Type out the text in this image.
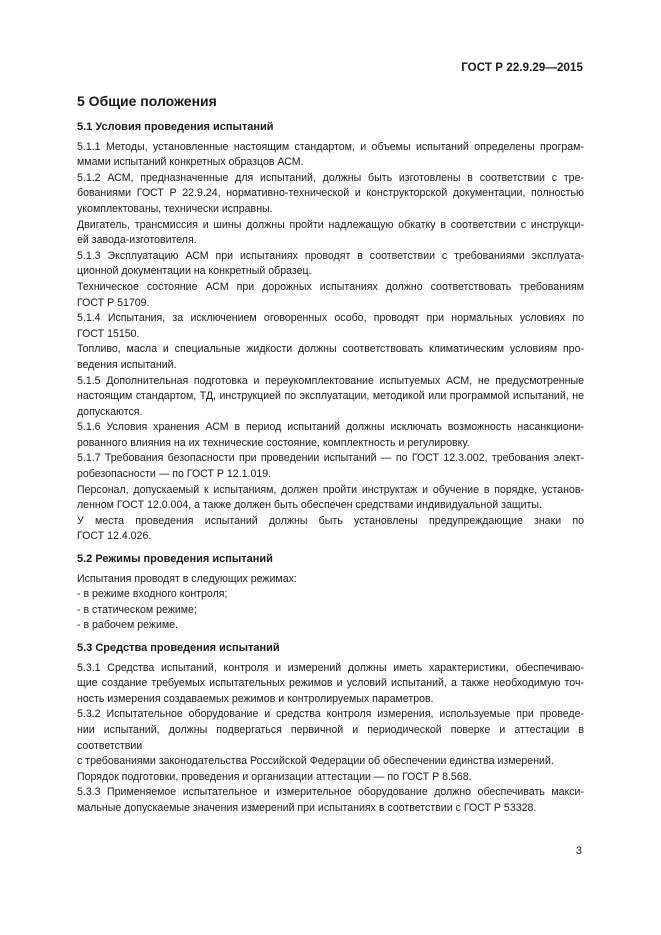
ГОСТ Р 22.9.29—2015
5 Общие положения
5.1 Условия проведения испытаний
5.1.1 Методы, установленные настоящим стандартом, и объемы испытаний определены програм-
ммами испытаний конкретных образцов АСМ.
5.1.2 АСМ, предназначенные для испытаний, должны быть изготовлены в соответствии с тре-
бованиями ГОСТ Р 22.9.24, нормативно-технической и конструкторской документации, полностью
укомплектованы, технически исправны.
Двигатель, трансмиссия и шины должны пройти надлежащую обкатку в соответствии с инструкци-
ей завода-изготовителя.
5.1.3 Эксплуатацию АСМ при испытаниях проводят в соответствии с требованиями эксплуата-
ционной документации на конкретный образец.
Техническое состояние АСМ при дорожных испытаниях должно соответствовать требованиям
ГОСТ Р 51709.
5.1.4 Испытания, за исключением оговоренных особо, проводят при нормальных условиях по
ГОСТ 15150.
Топливо, масла и специальные жидкости должны соответствовать климатическим условиям про-
ведения испытаний.
5.1.5 Дополнительная подготовка и переукомплектование испытуемых АСМ, не предусмотренные
настоящим стандартом, ТД, инструкцией по эксплуатации, методикой или программой испытаний, не
допускаются.
5.1.6 Условия хранения АСМ в период испытаний должны исключать возможность насанкциони-
рованного влияния на их технические состояние, комплектность и регулировку.
5.1.7 Требования безопасности при проведении испытаний — по ГОСТ 12.3.002, требования элект-
робезопасности — по ГОСТ Р 12.1.019.
Персонал, допускаемый к испытаниям, должен пройти инструктаж и обучение в порядке, установ-
ленном ГОСТ 12.0.004, а также должен быть обеспечен средствами индивидуальной защиты.
У места проведения испытаний должны быть установлены предупреждающие знаки по
ГОСТ 12.4.026.
5.2 Режимы проведения испытаний
Испытания проводят в следующих режимах:
- в режиме входного контроля;
- в статическом режиме;
- в рабочем режиме.
5.3 Средства проведения испытаний
5.3.1 Средства испытаний, контроля и измерений должны иметь характеристики, обеспечиваю-
щие создание требуемых испытательных режимов и условий испытаний, а также необходимую точ-
ность измерения создаваемых режимов и контролируемых параметров.
5.3.2 Испытательное оборудование и средства контроля измерения, используемые при проведе-
нии испытаний, должны подвергаться первичной и периодической поверке и аттестации в соответствии
с требованиями законодательства Российской Федерации об обеспечении единства измерений.
Порядок подготовки, проведения и организации аттестации — по ГОСТ Р 8.568.
5.3.3 Применяемое испытательное и измерительное оборудование должно обеспечивать макси-
мальные допускаемые значения измерений при испытаниях в соответствии с ГОСТ Р 53328.
3
